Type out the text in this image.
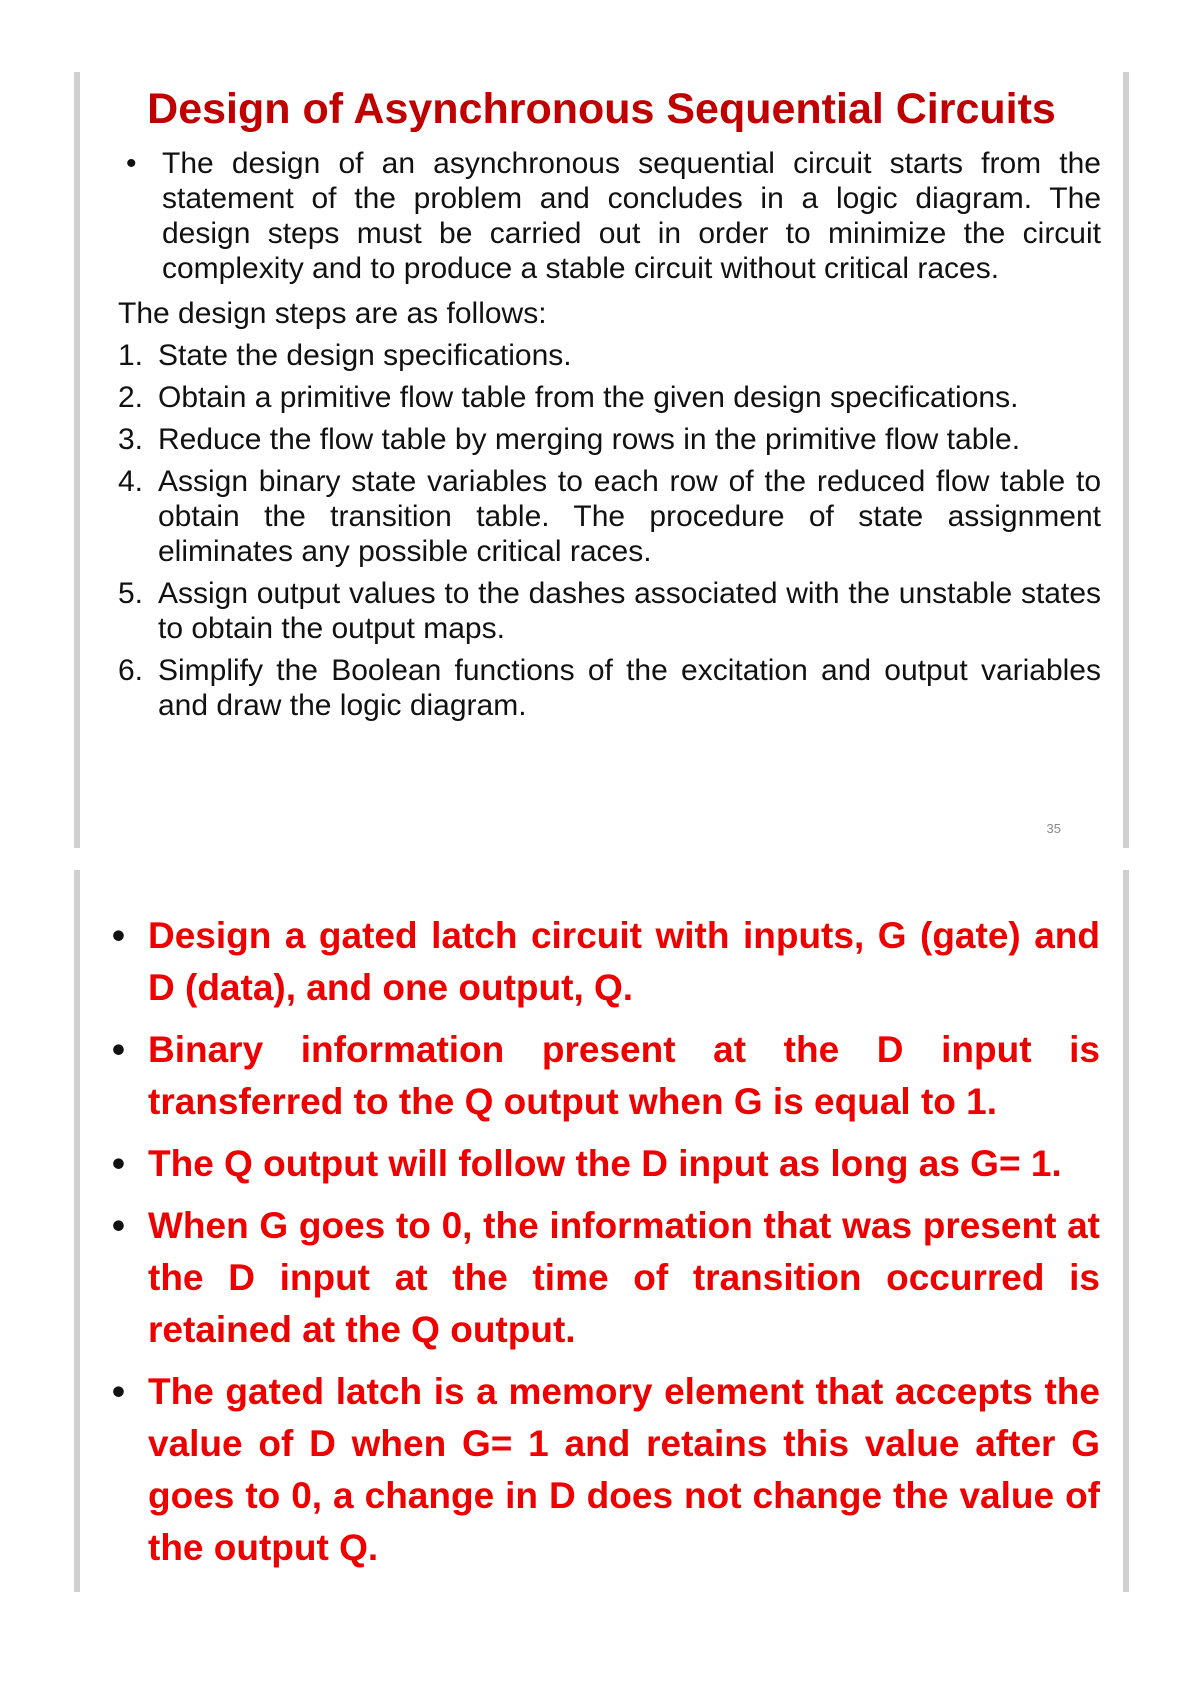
Design of Asynchronous Sequential Circuits
• The design of an asynchronous sequential circuit starts from the statement of the problem and concludes in a logic diagram. The design steps must be carried out in order to minimize the circuit complexity and to produce a stable circuit without critical races.
The design steps are as follows:
1. State the design specifications.
2. Obtain a primitive flow table from the given design specifications.
3. Reduce the flow table by merging rows in the primitive flow table.
4. Assign binary state variables to each row of the reduced flow table to obtain the transition table. The procedure of state assignment eliminates any possible critical races.
5. Assign output values to the dashes associated with the unstable states to obtain the output maps.
6. Simplify the Boolean functions of the excitation and output variables and draw the logic diagram.
35
• Design a gated latch circuit with inputs, G (gate) and D (data), and one output, Q.
• Binary information present at the D input is transferred to the Q output when G is equal to 1.
• The Q output will follow the D input as long as G= 1.
• When G goes to 0, the information that was present at the D input at the time of transition occurred is retained at the Q output.
• The gated latch is a memory element that accepts the value of D when G= 1 and retains this value after G goes to 0, a change in D does not change the value of the output Q.
